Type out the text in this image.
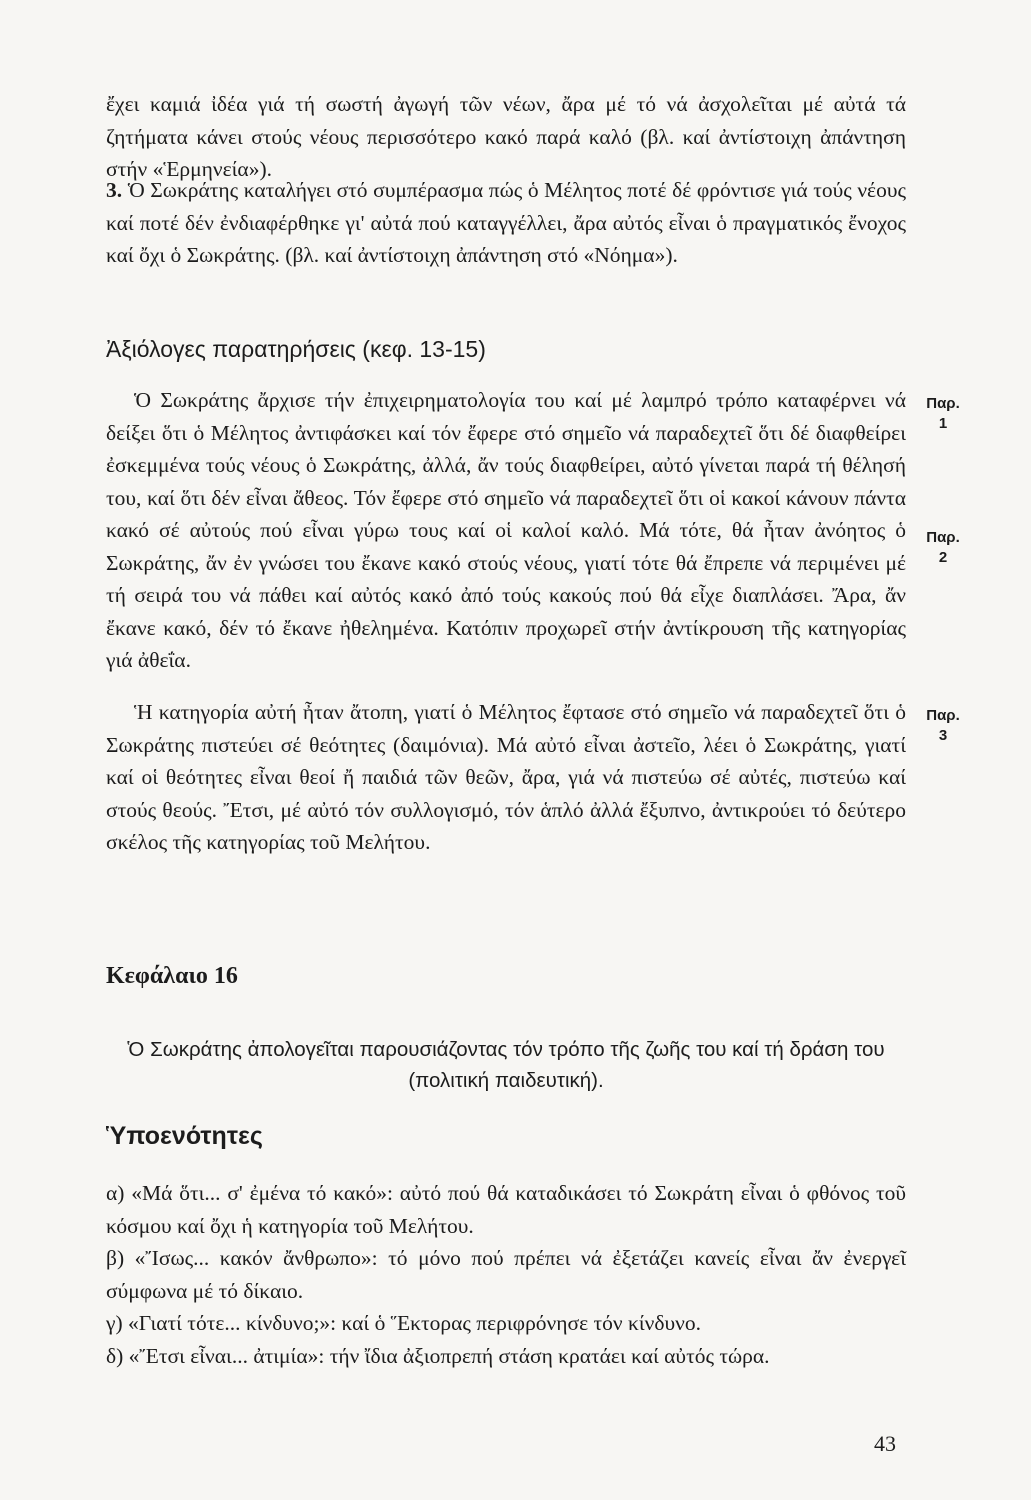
ἔχει καμιά ἰδέα γιά τή σωστή ἀγωγή τῶν νέων, ἄρα μέ τό νά ἀσχολεῖται μέ αὐτά τά ζητήματα κάνει στούς νέους περισσότερο κακό παρά καλό (βλ. καί ἀντίστοιχη ἀπάντηση στήν «Ἑρμηνεία»).

3. Ὁ Σωκράτης καταλήγει στό συμπέρασμα πώς ὁ Μέλητος ποτέ δέ φρόντισε γιά τούς νέους καί ποτέ δέν ἐνδιαφέρθηκε γι' αὐτά πού καταγγέλλει, ἄρα αὐτός εἶναι ὁ πραγματικός ἔνοχος καί ὄχι ὁ Σωκράτης. (βλ. καί ἀντίστοιχη ἀπάντηση στό «Νόημα»).

Ἀξιόλογες παρατηρήσεις (κεφ. 13-15)

Ὁ Σωκράτης ἄρχισε τήν ἐπιχειρηματολογία του καί μέ λαμπρό τρόπο καταφέρνει νά δείξει ὅτι ὁ Μέλητος ἀντιφάσκει καί τόν ἔφερε στό σημεῖο νά παραδεχτεῖ ὅτι δέ διαφθείρει ἐσκεμμένα τούς νέους ὁ Σωκράτης, ἀλλά, ἄν τούς διαφθείρει, αὐτό γίνεται παρά τή θέλησή του, καί ὅτι δέν εἶναι ἄθεος. Τόν ἔφερε στό σημεῖο νά παραδεχτεῖ ὅτι οἱ κακοί κάνουν πάντα κακό σέ αὐτούς πού εἶναι γύρω τους καί οἱ καλοί καλό. Μά τότε, θά ἦταν ἀνόητος ὁ Σωκράτης, ἄν ἐν γνώσει του ἔκανε κακό στούς νέους, γιατί τότε θά ἔπρεπε νά περιμένει μέ τή σειρά του νά πάθει καί αὐτός κακό ἀπό τούς κακούς πού θά εἶχε διαπλάσει. Ἄρα, ἄν ἔκανε κακό, δέν τό ἔκανε ἠθελημένα. Κατόπιν προχωρεῖ στήν ἀντίκρουση τῆς κατηγορίας γιά ἀθεΐα.

Ἡ κατηγορία αὐτή ἦταν ἄτοπη, γιατί ὁ Μέλητος ἔφτασε στό σημεῖο νά παραδεχτεῖ ὅτι ὁ Σωκράτης πιστεύει σέ θεότητες (δαιμόνια). Μά αὐτό εἶναι ἀστεῖο, λέει ὁ Σωκράτης, γιατί καί οἱ θεότητες εἶναι θεοί ἤ παιδιά τῶν θεῶν, ἄρα, γιά νά πιστεύω σέ αὐτές, πιστεύω καί στούς θεούς. Ἔτσι, μέ αὐτό τόν συλλογισμό, τόν ἁπλό ἀλλά ἔξυπνο, ἀντικρούει τό δεύτερο σκέλος τῆς κατηγορίας τοῦ Μελήτου.

Παρ.
1
Παρ.
2
Παρ.
3
Κεφάλαιο 16

Ὁ Σωκράτης ἀπολογεῖται παρουσιάζοντας τόν τρόπο τῆς ζωῆς του καί τή δράση του (πολιτική παιδευτική).

Ὑποενότητες

α) «Μά ὅτι... σ' ἐμένα τό κακό»: αὐτό πού θά καταδικάσει τό Σωκράτη εἶναι ὁ φθόνος τοῦ κόσμου καί ὄχι ἡ κατηγορία τοῦ Μελήτου.

β) «Ἴσως... κακόν ἄνθρωπο»: τό μόνο πού πρέπει νά ἐξετάζει κανείς εἶναι ἄν ἐνεργεῖ σύμφωνα μέ τό δίκαιο.

γ) «Γιατί τότε... κίνδυνο;»: καί ὁ Ἕκτορας περιφρόνησε τόν κίνδυνο.

δ) «Ἔτσι εἶναι... ἀτιμία»: τήν ἴδια ἀξιοπρεπή στάση κρατάει καί αὐτός τώρα.

43
